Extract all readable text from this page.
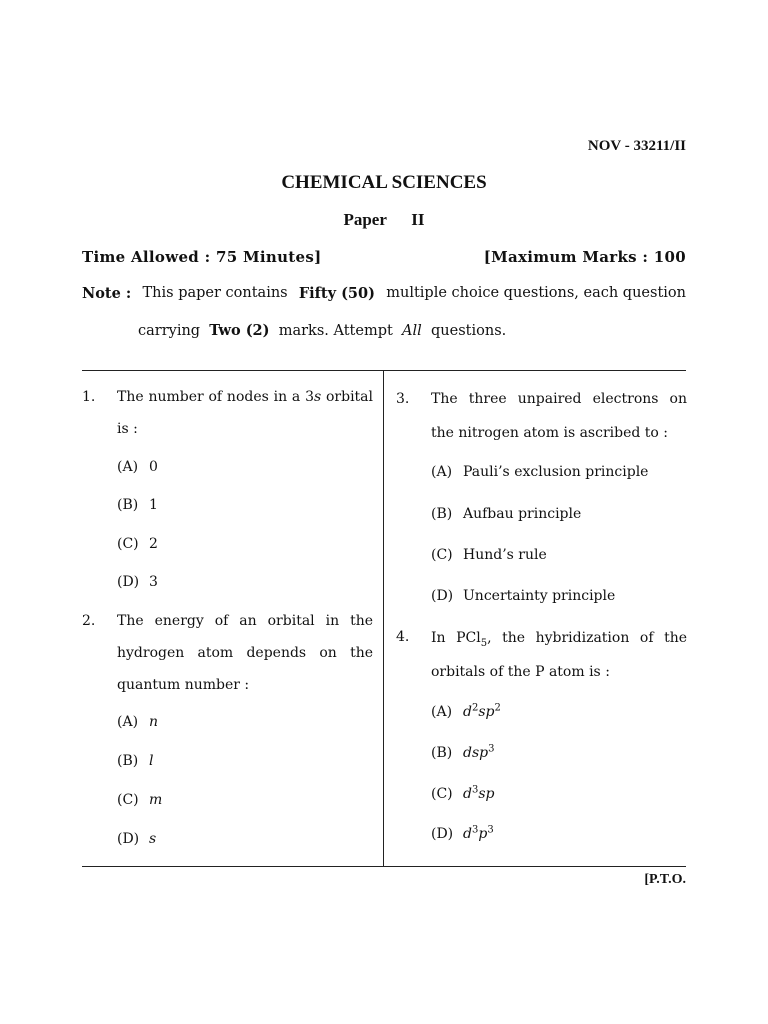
NOV - 33211/II
CHEMICAL SCIENCES
Paper   II
Time Allowed : 75 Minutes]	[Maximum Marks : 100
Note : This paper contains Fifty (50) multiple choice questions, each question
carrying Two (2) marks. Attempt All questions.
1. The number of nodes in a 3s orbital is :
(A) 0
(B) 1
(C) 2
(D) 3
2. The energy of an orbital in the hydrogen atom depends on the quantum number :
(A) n
(B) l
(C) m
(D) s
3. The three unpaired electrons on the nitrogen atom is ascribed to :
(A) Pauli’s exclusion principle
(B) Aufbau principle
(C) Hund’s rule
(D) Uncertainty principle
4. In PCl$_5$, the hybridization of the orbitals of the P atom is :
(A) $d^2sp^2$
(B) dsp$^3$
(C) $d^3sp$
(D) $d^3p^3$
[P.T.O.
